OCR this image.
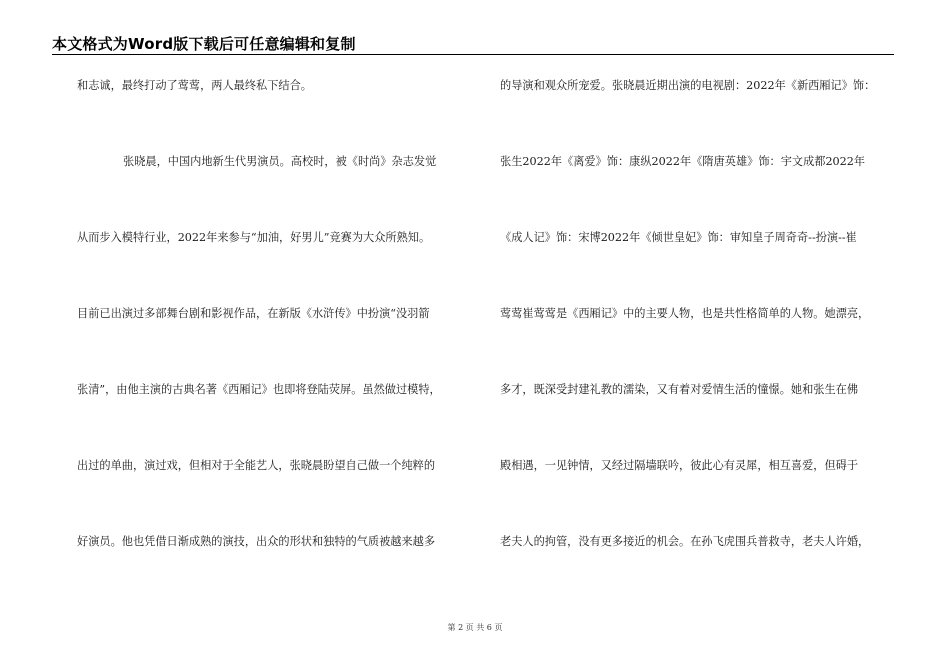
本文格式为Word版下载后可任意编辑和复制
和志诚，最终打动了莺莺，两人最终私下结合。
张晓晨，中国内地新生代男演员。高校时，被《时尚》杂志发觉
从而步入模特行业，2022年来参与“加油，好男儿”竞赛为大众所熟知。
目前已出演过多部舞台剧和影视作品，在新版《水浒传》中扮演“没羽箭
张清”，由他主演的古典名著《西厢记》也即将登陆荧屏。虽然做过模特，
出过的单曲，演过戏，但相对于全能艺人，张晓晨盼望自己做一个纯粹的
好演员。他也凭借日渐成熟的演技，出众的形状和独特的气质被越来越多
的导演和观众所宠爱。张晓晨近期出演的电视剧：2022年《新西厢记》饰：
张生2022年《离爱》饰：康纵2022年《隋唐英雄》饰：宇文成都2022年
《成人记》饰：宋博2022年《倾世皇妃》饰：审知皇子周奇奇--扮演--崔
莺莺崔莺莺是《西厢记》中的主要人物，也是共性格简单的人物。她漂亮，
多才，既深受封建礼教的濡染，又有着对爱情生活的憧憬。她和张生在佛
殿相遇，一见钟情，又经过隔墙联吟，彼此心有灵犀，相互喜爱，但碍于
老夫人的拘管，没有更多接近的机会。在孙飞虎围兵普救寺，老夫人许婚，
第 2 页 共 6 页
